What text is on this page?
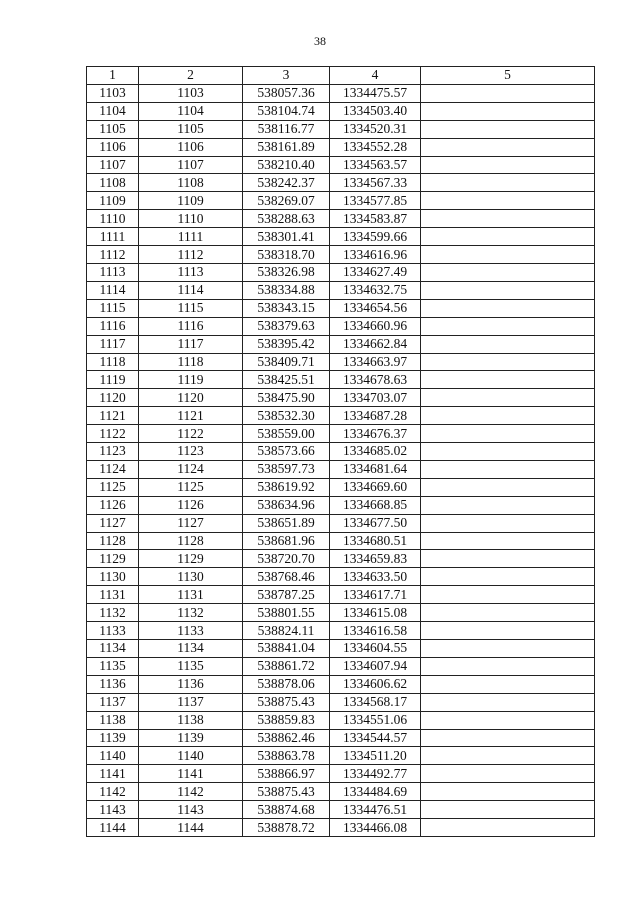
38
1	2	3	4	5
1103	1103	538057.36	1334475.57	
1104	1104	538104.74	1334503.40	
1105	1105	538116.77	1334520.31	
1106	1106	538161.89	1334552.28	
1107	1107	538210.40	1334563.57	
1108	1108	538242.37	1334567.33	
1109	1109	538269.07	1334577.85	
1110	1110	538288.63	1334583.87	
1111	1111	538301.41	1334599.66	
1112	1112	538318.70	1334616.96	
1113	1113	538326.98	1334627.49	
1114	1114	538334.88	1334632.75	
1115	1115	538343.15	1334654.56	
1116	1116	538379.63	1334660.96	
1117	1117	538395.42	1334662.84	
1118	1118	538409.71	1334663.97	
1119	1119	538425.51	1334678.63	
1120	1120	538475.90	1334703.07	
1121	1121	538532.30	1334687.28	
1122	1122	538559.00	1334676.37	
1123	1123	538573.66	1334685.02	
1124	1124	538597.73	1334681.64	
1125	1125	538619.92	1334669.60	
1126	1126	538634.96	1334668.85	
1127	1127	538651.89	1334677.50	
1128	1128	538681.96	1334680.51	
1129	1129	538720.70	1334659.83	
1130	1130	538768.46	1334633.50	
1131	1131	538787.25	1334617.71	
1132	1132	538801.55	1334615.08	
1133	1133	538824.11	1334616.58	
1134	1134	538841.04	1334604.55	
1135	1135	538861.72	1334607.94	
1136	1136	538878.06	1334606.62	
1137	1137	538875.43	1334568.17	
1138	1138	538859.83	1334551.06	
1139	1139	538862.46	1334544.57	
1140	1140	538863.78	1334511.20	
1141	1141	538866.97	1334492.77	
1142	1142	538875.43	1334484.69	
1143	1143	538874.68	1334476.51	
1144	1144	538878.72	1334466.08	
